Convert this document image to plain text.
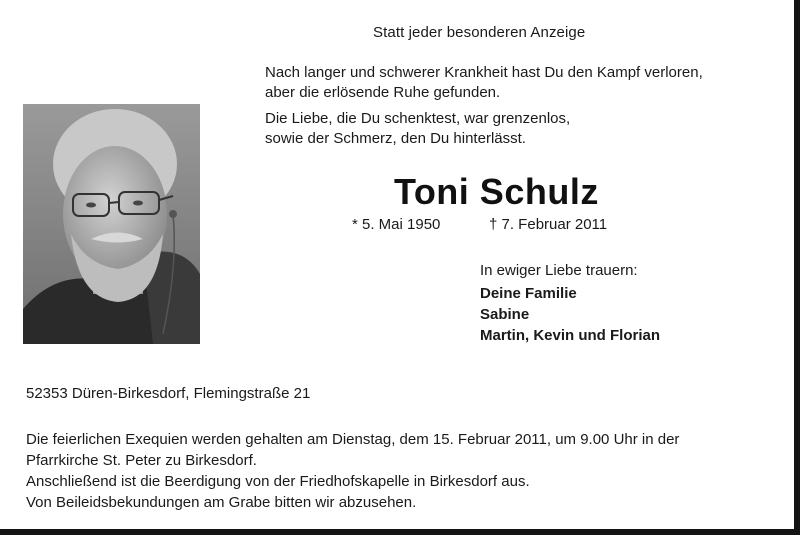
Statt jeder besonderen Anzeige

Nach langer und schwerer Krankheit hast Du den Kampf verloren,
aber die erlösende Ruhe gefunden.
Die Liebe, die Du schenktest, war grenzenlos,
sowie der Schmerz, den Du hinterlässt.

Toni Schulz

* 5. Mai 1950	† 7. Februar 2011

In ewiger Liebe trauern:

Deine Familie

Sabine

Martin, Kevin und Florian

52353 Düren-Birkesdorf, Flemingstraße 21

Die feierlichen Exequien werden gehalten am Dienstag, dem 15. Februar 2011, um 9.00 Uhr in der
Pfarrkirche St. Peter zu Birkesdorf.
Anschließend ist die Beerdigung von der Friedhofskapelle in Birkesdorf aus.
Von Beileidsbekundungen am Grabe bitten wir abzusehen.
